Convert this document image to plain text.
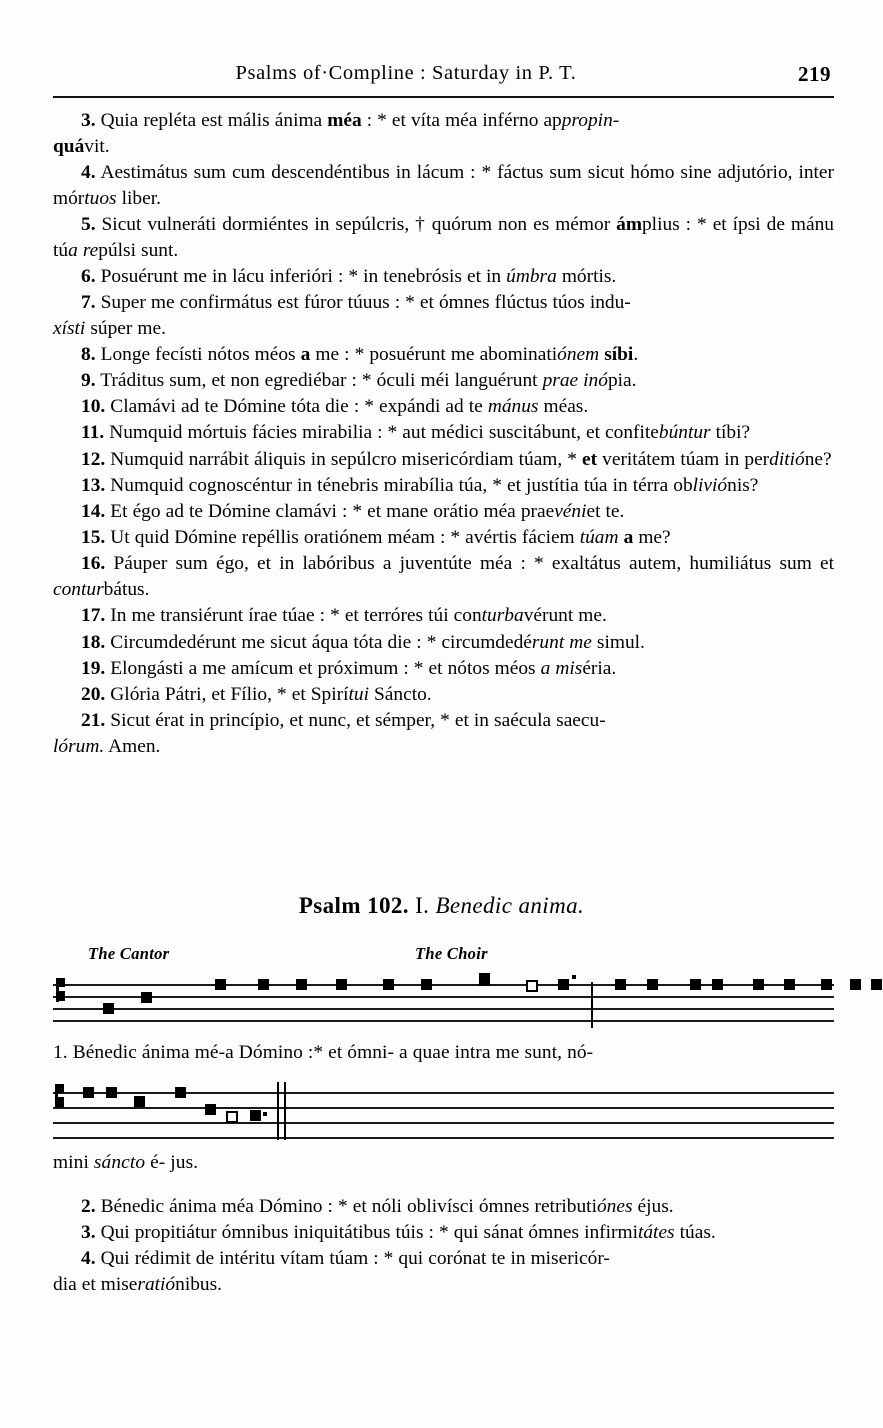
Psalms of·Compline : Saturday in P. T.	219

3. Quia repléta est mális ánima méa : * et víta méa inférno appropin-
quávit.

4. Aestimátus sum cum descendéntibus in lácum : * fáctus sum sicut hómo sine adjutório, inter mórtuos liber.

5. Sicut vulneráti dormiéntes in sepúlcris, † quórum non es mémor ámplius : * et ípsi de mánu túa repúlsi sunt.

6. Posuérunt me in lácu inferióri : * in tenebrósis et in úmbra mórtis.

7. Super me confirmátus est fúror túuus : * et ómnes flúctus túos indu-
xísti súper me.

8. Longe fecísti nótos méos a me : * posuérunt me abominatiónem síbi.

9. Tráditus sum, et non egrediébar : * óculi méi languérunt prae inópia.

10. Clamávi ad te Dómine tóta die : * expándi ad te mánus méas.

11. Numquid mórtuis fácies mirabilia : * aut médici suscitábunt, et confitebúntur tíbi?

12. Numquid narrábit áliquis in sepúlcro misericórdiam túam, * et veritátem túam in perditióne?

13. Numquid cognoscéntur in ténebris mirabília túa, * et justítia túa in térra obliviónis?

14. Et égo ad te Dómine clamávi : * et mane orátio méa praevéniet te.

15. Ut quid Dómine repéllis oratiónem méam : * avértis fáciem túam a me?

16. Páuper sum égo, et in labóribus a juventúte méa : * exaltátus autem, humiliátus sum et conturbátus.

17. In me transiérunt írae túae : * et terróres túi conturbavérunt me.

18. Circumdedérunt me sicut áqua tóta die : * circumdedérunt me simul.

19. Elongásti a me amícum et próximum : * et nótos méos a miséria.

20. Glória Pátri, et Fílio, * et Spirítui Sáncto.

21. Sicut érat in princípio, et nunc, et sémper, * et in saécula saecu-
lórum. Amen.

Psalm 102. I. Benedic anima.
The Cantor	The Choir
1. Bénedic ánima mé-a Dómino :* et ómni- a quae intra me sunt, nó-
mini sáncto é- jus.

2. Bénedic ánima méa Dómino : * et nóli oblivísci ómnes retributiónes éjus.

3. Qui propitiátur ómnibus iniquitátibus túis : * qui sánat ómnes infirmitátes túas.

4. Qui rédimit de intéritu vítam túam : * qui corónat te in misericór-
dia et miseratiónibus.
